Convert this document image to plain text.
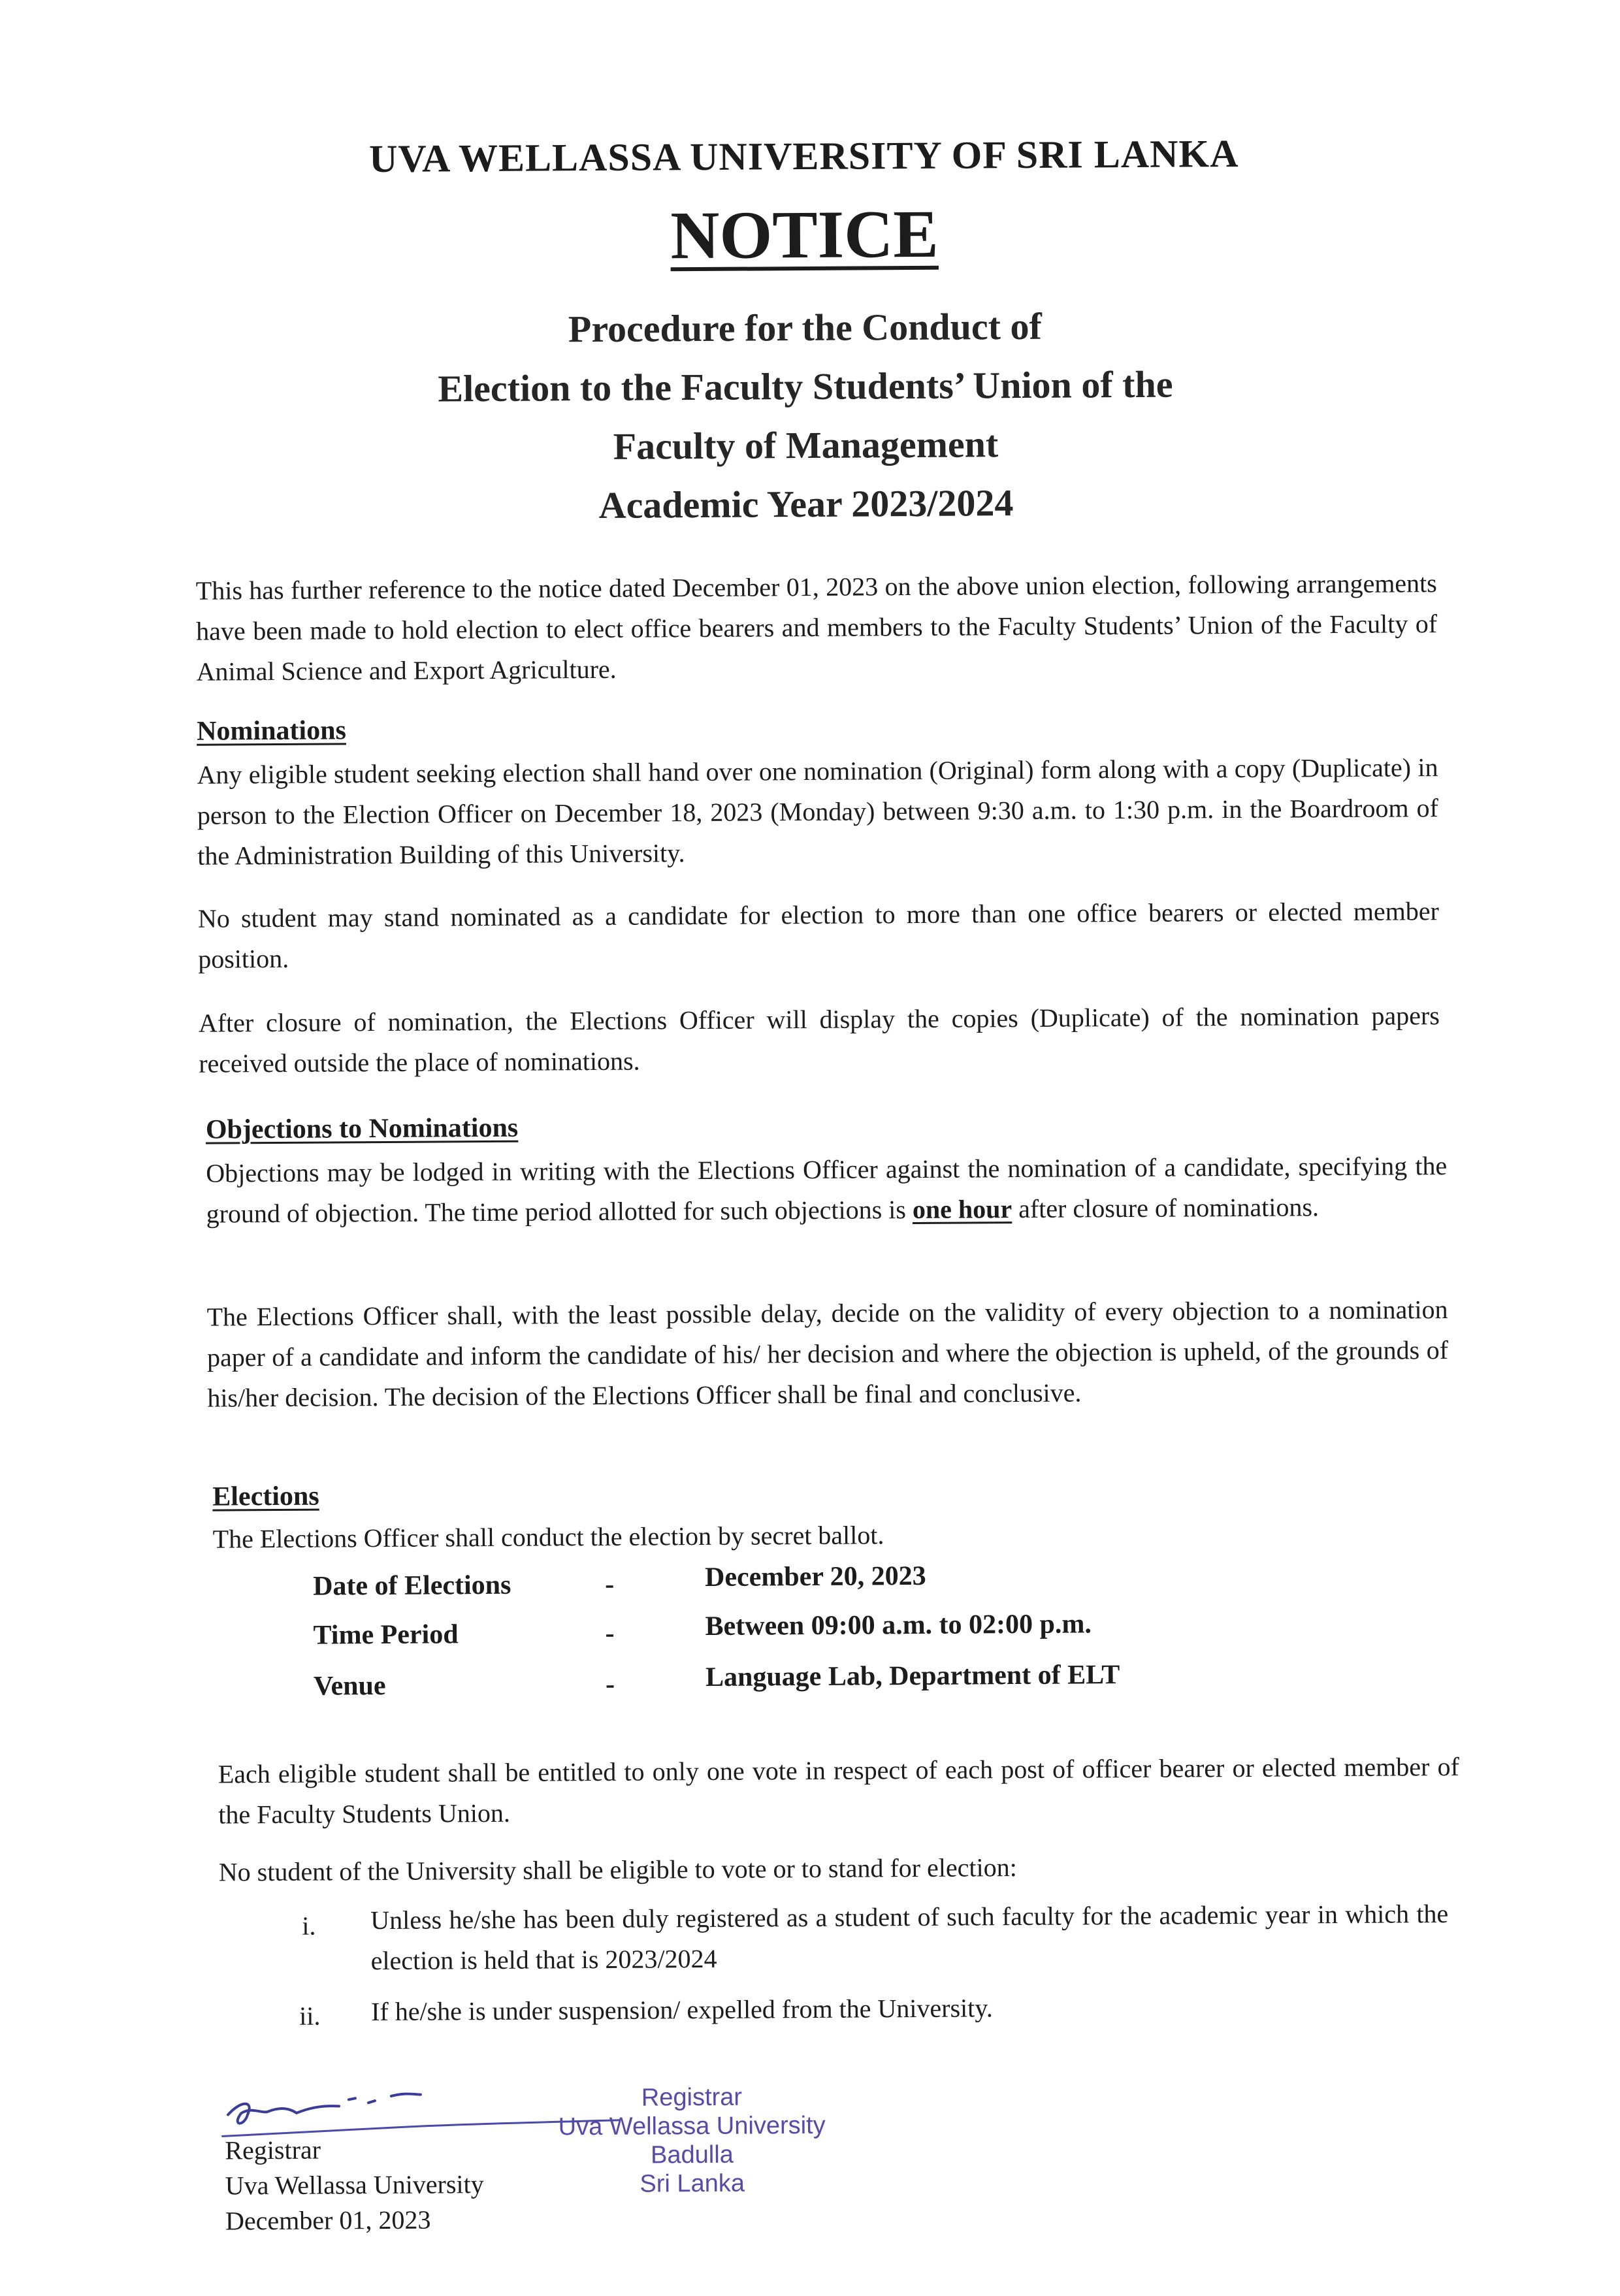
UVA WELLASSA UNIVERSITY OF SRI LANKA
NOTICE
Procedure for the Conduct of
Election to the Faculty Students’ Union of the
Faculty of Management
Academic Year 2023/2024
This has further reference to the notice dated December 01, 2023 on the above union election, following arrangements have been made to hold election to elect office bearers and members to the Faculty Students’ Union of the Faculty of Animal Science and Export Agriculture.
Nominations
Any eligible student seeking election shall hand over one nomination (Original) form along with a copy (Duplicate) in person to the Election Officer on December 18, 2023 (Monday) between 9:30 a.m. to 1:30 p.m. in the Boardroom of the Administration Building of this University.
No student may stand nominated as a candidate for election to more than one office bearers or elected member position.
After closure of nomination, the Elections Officer will display the copies (Duplicate) of the nomination papers received outside the place of nominations.
Objections to Nominations
Objections may be lodged in writing with the Elections Officer against the nomination of a candidate, specifying the ground of objection. The time period allotted for such objections is one hour after closure of nominations.
The Elections Officer shall, with the least possible delay, decide on the validity of every objection to a nomination paper of a candidate and inform the candidate of his/ her decision and where the objection is upheld, of the grounds of his/her decision. The decision of the Elections Officer shall be final and conclusive.
Elections
The Elections Officer shall conduct the election by secret ballot.
Date of Elections	-	December 20, 2023
Time Period	-	Between 09:00 a.m. to 02:00 p.m.
Venue	-	Language Lab, Department of ELT
Each eligible student shall be entitled to only one vote in respect of each post of officer bearer or elected member of the Faculty Students Union.
No student of the University shall be eligible to vote or to stand for election:
i. Unless he/she has been duly registered as a student of such faculty for the academic year in which the election is held that is 2023/2024
ii. If he/she is under suspension/ expelled from the University.
Registrar
Uva Wellassa University
December 01, 2023
Registrar
Uva Wellassa University
Badulla
Sri Lanka
